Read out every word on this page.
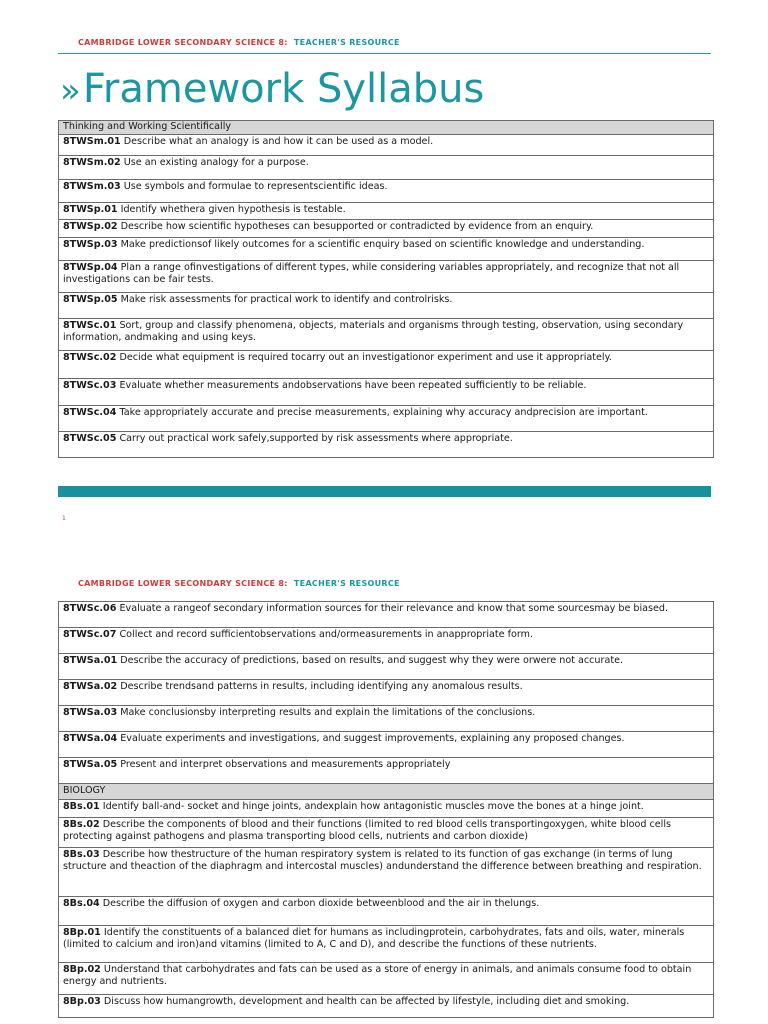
CAMBRIDGE LOWER SECONDARY SCIENCE 8: TEACHER'S RESOURCE
» Framework Syllabus
Thinking and Working Scientifically
8TWSm.01 Describe what an analogy is and how it can be used as a model.
8TWSm.02 Use an existing analogy for a purpose.
8TWSm.03 Use symbols and formulae to representscientific ideas.
8TWSp.01 Identify whethera given hypothesis is testable.
8TWSp.02 Describe how scientific hypotheses can besupported or contradicted by evidence from an enquiry.
8TWSp.03 Make predictionsof likely outcomes for a scientific enquiry based on scientific knowledge and understanding.
8TWSp.04 Plan a range ofinvestigations of different types, while considering variables appropriately, and recognize that not all investigations can be fair tests.
8TWSp.05 Make risk assessments for practical work to identify and controlrisks.
8TWSc.01 Sort, group and classify phenomena, objects, materials and organisms through testing, observation, using secondary information, andmaking and using keys.
8TWSc.02 Decide what equipment is required tocarry out an investigationor experiment and use it appropriately.
8TWSc.03 Evaluate whether measurements andobservations have been repeated sufficiently to be reliable.
8TWSc.04 Take appropriately accurate and precise measurements, explaining why accuracy andprecision are important.
8TWSc.05 Carry out practical work safely,supported by risk assessments where appropriate.
1
CAMBRIDGE LOWER SECONDARY SCIENCE 8: TEACHER'S RESOURCE
8TWSc.06 Evaluate a rangeof secondary information sources for their relevance and know that some sourcesmay be biased.
8TWSc.07 Collect and record sufficientobservations and/ormeasurements in anappropriate form.
8TWSa.01 Describe the accuracy of predictions, based on results, and suggest why they were orwere not accurate.
8TWSa.02 Describe trendsand patterns in results, including identifying any anomalous results.
8TWSa.03 Make conclusionsby interpreting results and explain the limitations of the conclusions.
8TWSa.04 Evaluate experiments and investigations, and suggest improvements, explaining any proposed changes.
8TWSa.05 Present and interpret observations and measurements appropriately
BIOLOGY
8Bs.01 Identify ball-and- socket and hinge joints, andexplain how antagonistic muscles move the bones at a hinge joint.
8Bs.02 Describe the components of blood and their functions (limited to red blood cells transportingoxygen, white blood cells protecting against pathogens and plasma transporting blood cells, nutrients and carbon dioxide)
8Bs.03 Describe how thestructure of the human respiratory system is related to its function of gas exchange (in terms of lung structure and theaction of the diaphragm and intercostal muscles) andunderstand the difference between breathing and respiration.
8Bs.04 Describe the diffusion of oxygen and carbon dioxide betweenblood and the air in thelungs.
8Bp.01 Identify the constituents of a balanced diet for humans as includingprotein, carbohydrates, fats and oils, water, minerals (limited to calcium and iron)and vitamins (limited to A, C and D), and describe the functions of these nutrients.
8Bp.02 Understand that carbohydrates and fats can be used as a store of energy in animals, and animals consume food to obtain energy and nutrients.
8Bp.03 Discuss how humangrowth, development and health can be affected by lifestyle, including diet and smoking.
